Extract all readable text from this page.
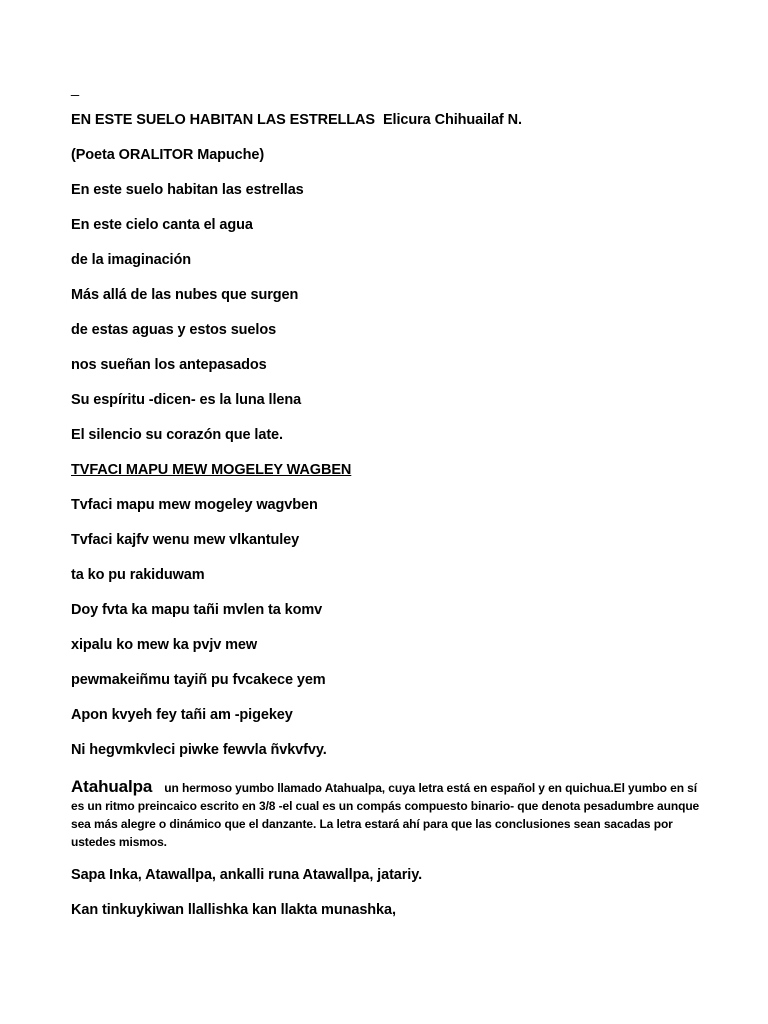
_

EN ESTE SUELO HABITAN LAS ESTRELLAS Elicura Chihuailaf N.

(Poeta ORALITOR Mapuche)

En este suelo habitan las estrellas

En este cielo canta el agua

de la imaginación

Más allá de las nubes que surgen

de estas aguas y estos suelos

nos sueñan los antepasados

Su espíritu -dicen- es la luna llena

El silencio su corazón que late.

TVFACI MAPU MEW MOGELEY WAGBEN

Tvfaci mapu mew mogeley wagvben

Tvfaci kajfv wenu mew vlkantuley

ta ko pu rakiduwam

Doy fvta ka mapu tañi mvlen ta komv

xipalu ko mew ka pvjv mew

pewmakeiñmu tayiñ pu fvcakece yem

Apon kvyeh fey tañi am -pigekey

Ni hegvmkvleci piwke fewvla ñvkvfvy.

Atahualpa un hermoso yumbo llamado Atahualpa, cuya letra está en español y en quichua.El yumbo en sí es un ritmo preincaico escrito en 3/8 -el cual es un compás compuesto binario- que denota pesadumbre aunque sea más alegre o dinámico que el danzante. La letra estará ahí para que las conclusiones sean sacadas por ustedes mismos.

Sapa Inka, Atawallpa, ankalli runa Atawallpa, jatariy.

Kan tinkuykiwan llallishka kan llakta munashka,
